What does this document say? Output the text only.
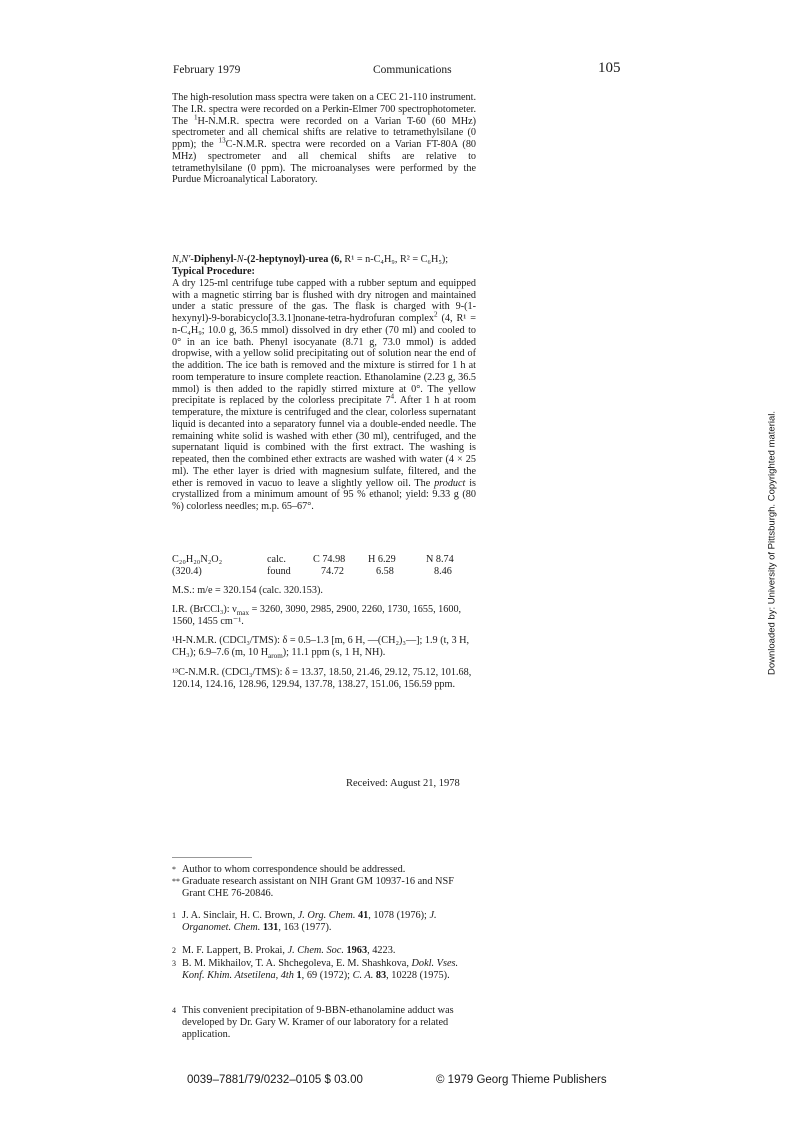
February 1979	Communications	105
The high-resolution mass spectra were taken on a CEC 21-110 instrument. The I.R. spectra were recorded on a Perkin-Elmer 700 spectrophotometer. The $^1$H-N.M.R. spectra were recorded on a Varian T-60 (60 MHz) spectrometer and all chemical shifts are relative to tetramethylsilane (0 ppm); the $^{13}$C-N.M.R. spectra were recorded on a Varian FT-80A (80 MHz) spectrometer and all chemical shifts are relative to tetramethylsilane (0 ppm). The microanalyses were performed by the Purdue Microanalytical Laboratory.
N,N′-Diphenyl-N-(2-heptynoyl)-urea (6, R¹ = n-C₄H₉, R² = C₆H₅);
Typical Procedure:
A dry 125-ml centrifuge tube capped with a rubber septum and equipped with a magnetic stirring bar is flushed with dry nitrogen and maintained under a static pressure of the gas. The flask is charged with 9-(1-hexynyl)-9-borabicyclo[3.3.1]nonane-tetra-hydrofuran complex$^2$ (4, R¹ = n-C₄H₉; 10.0 g, 36.5 mmol) dissolved in dry ether (70 ml) and cooled to 0° in an ice bath. Phenyl isocyanate (8.71 g, 73.0 mmol) is added dropwise, with a yellow solid precipitating out of solution near the end of the addition. The ice bath is removed and the mixture is stirred for 1 h at room temperature to insure complete reaction. Ethanolamine (2.23 g, 36.5 mmol) is then added to the rapidly stirred mixture at 0°. The yellow precipitate is replaced by the colorless precipitate $7^4$. After 1 h at room temperature, the mixture is centrifuged and the clear, colorless supernatant liquid is decanted into a separatory funnel via a double-ended needle. The remaining white solid is washed with ether (30 ml), centrifuged, and the supernatant liquid is combined with the first extract. The washing is repeated, then the combined ether extracts are washed with water (4 × 25 ml). The ether layer is dried with magnesium sulfate, filtered, and the ether is removed in vacuo to leave a slightly yellow oil. The product is crystallized from a minimum amount of 95 % ethanol; yield: 9.33 g (80 %) colorless needles; m.p. 65–67°.
C₂₀H₂₀N₂O₂	calc.	C 74.98	H 6.29	N 8.74
(320.4)	found	74.72	6.58	8.46
M.S.: m/e = 320.154 (calc. 320.153).
I.R. (BrCCl₃): $\nu_{max} = 3260$, 3090, 2985, 2900, 2260, 1730, 1655, 1600, 1560, 1455 cm⁻¹.
¹H-N.M.R. (CDCl₃/TMS): δ = 0.5–1.3 [m, 6 H, —(CH₂)₃—]; 1.9 (t, 3 H, CH₃); 6.9–7.6 (m, 10 $H_{arom}$); 11.1 ppm (s, 1 H, NH).
¹³C-N.M.R. (CDCl₃/TMS): δ = 13.37, 18.50, 21.46, 29.12, 75.12, 101.68, 120.14, 124.16, 128.96, 129.94, 137.78, 138.27, 151.06, 156.59 ppm.
Received: August 21, 1978
* Author to whom correspondence should be addressed.
** Graduate research assistant on NIH Grant GM 10937-16 and NSF Grant CHE 76-20846.
1 J. A. Sinclair, H. C. Brown, J. Org. Chem. 41, 1078 (1976); J. Organomet. Chem. 131, 163 (1977).
2 M. F. Lappert, B. Prokai, J. Chem. Soc. 1963, 4223.
3 B. M. Mikhailov, T. A. Shchegoleva, E. M. Shashkova, Dokl. Vses. Konf. Khim. Atsetilena, 4th 1, 69 (1972); C. A. 83, 10228 (1975).
4 This convenient precipitation of 9-BBN-ethanolamine adduct was developed by Dr. Gary W. Kramer of our laboratory for a related application.
0039–7881/79/0232–0105 $ 03.00	© 1979 Georg Thieme Publishers
Downloaded by: University of Pittsburgh. Copyrighted material.
